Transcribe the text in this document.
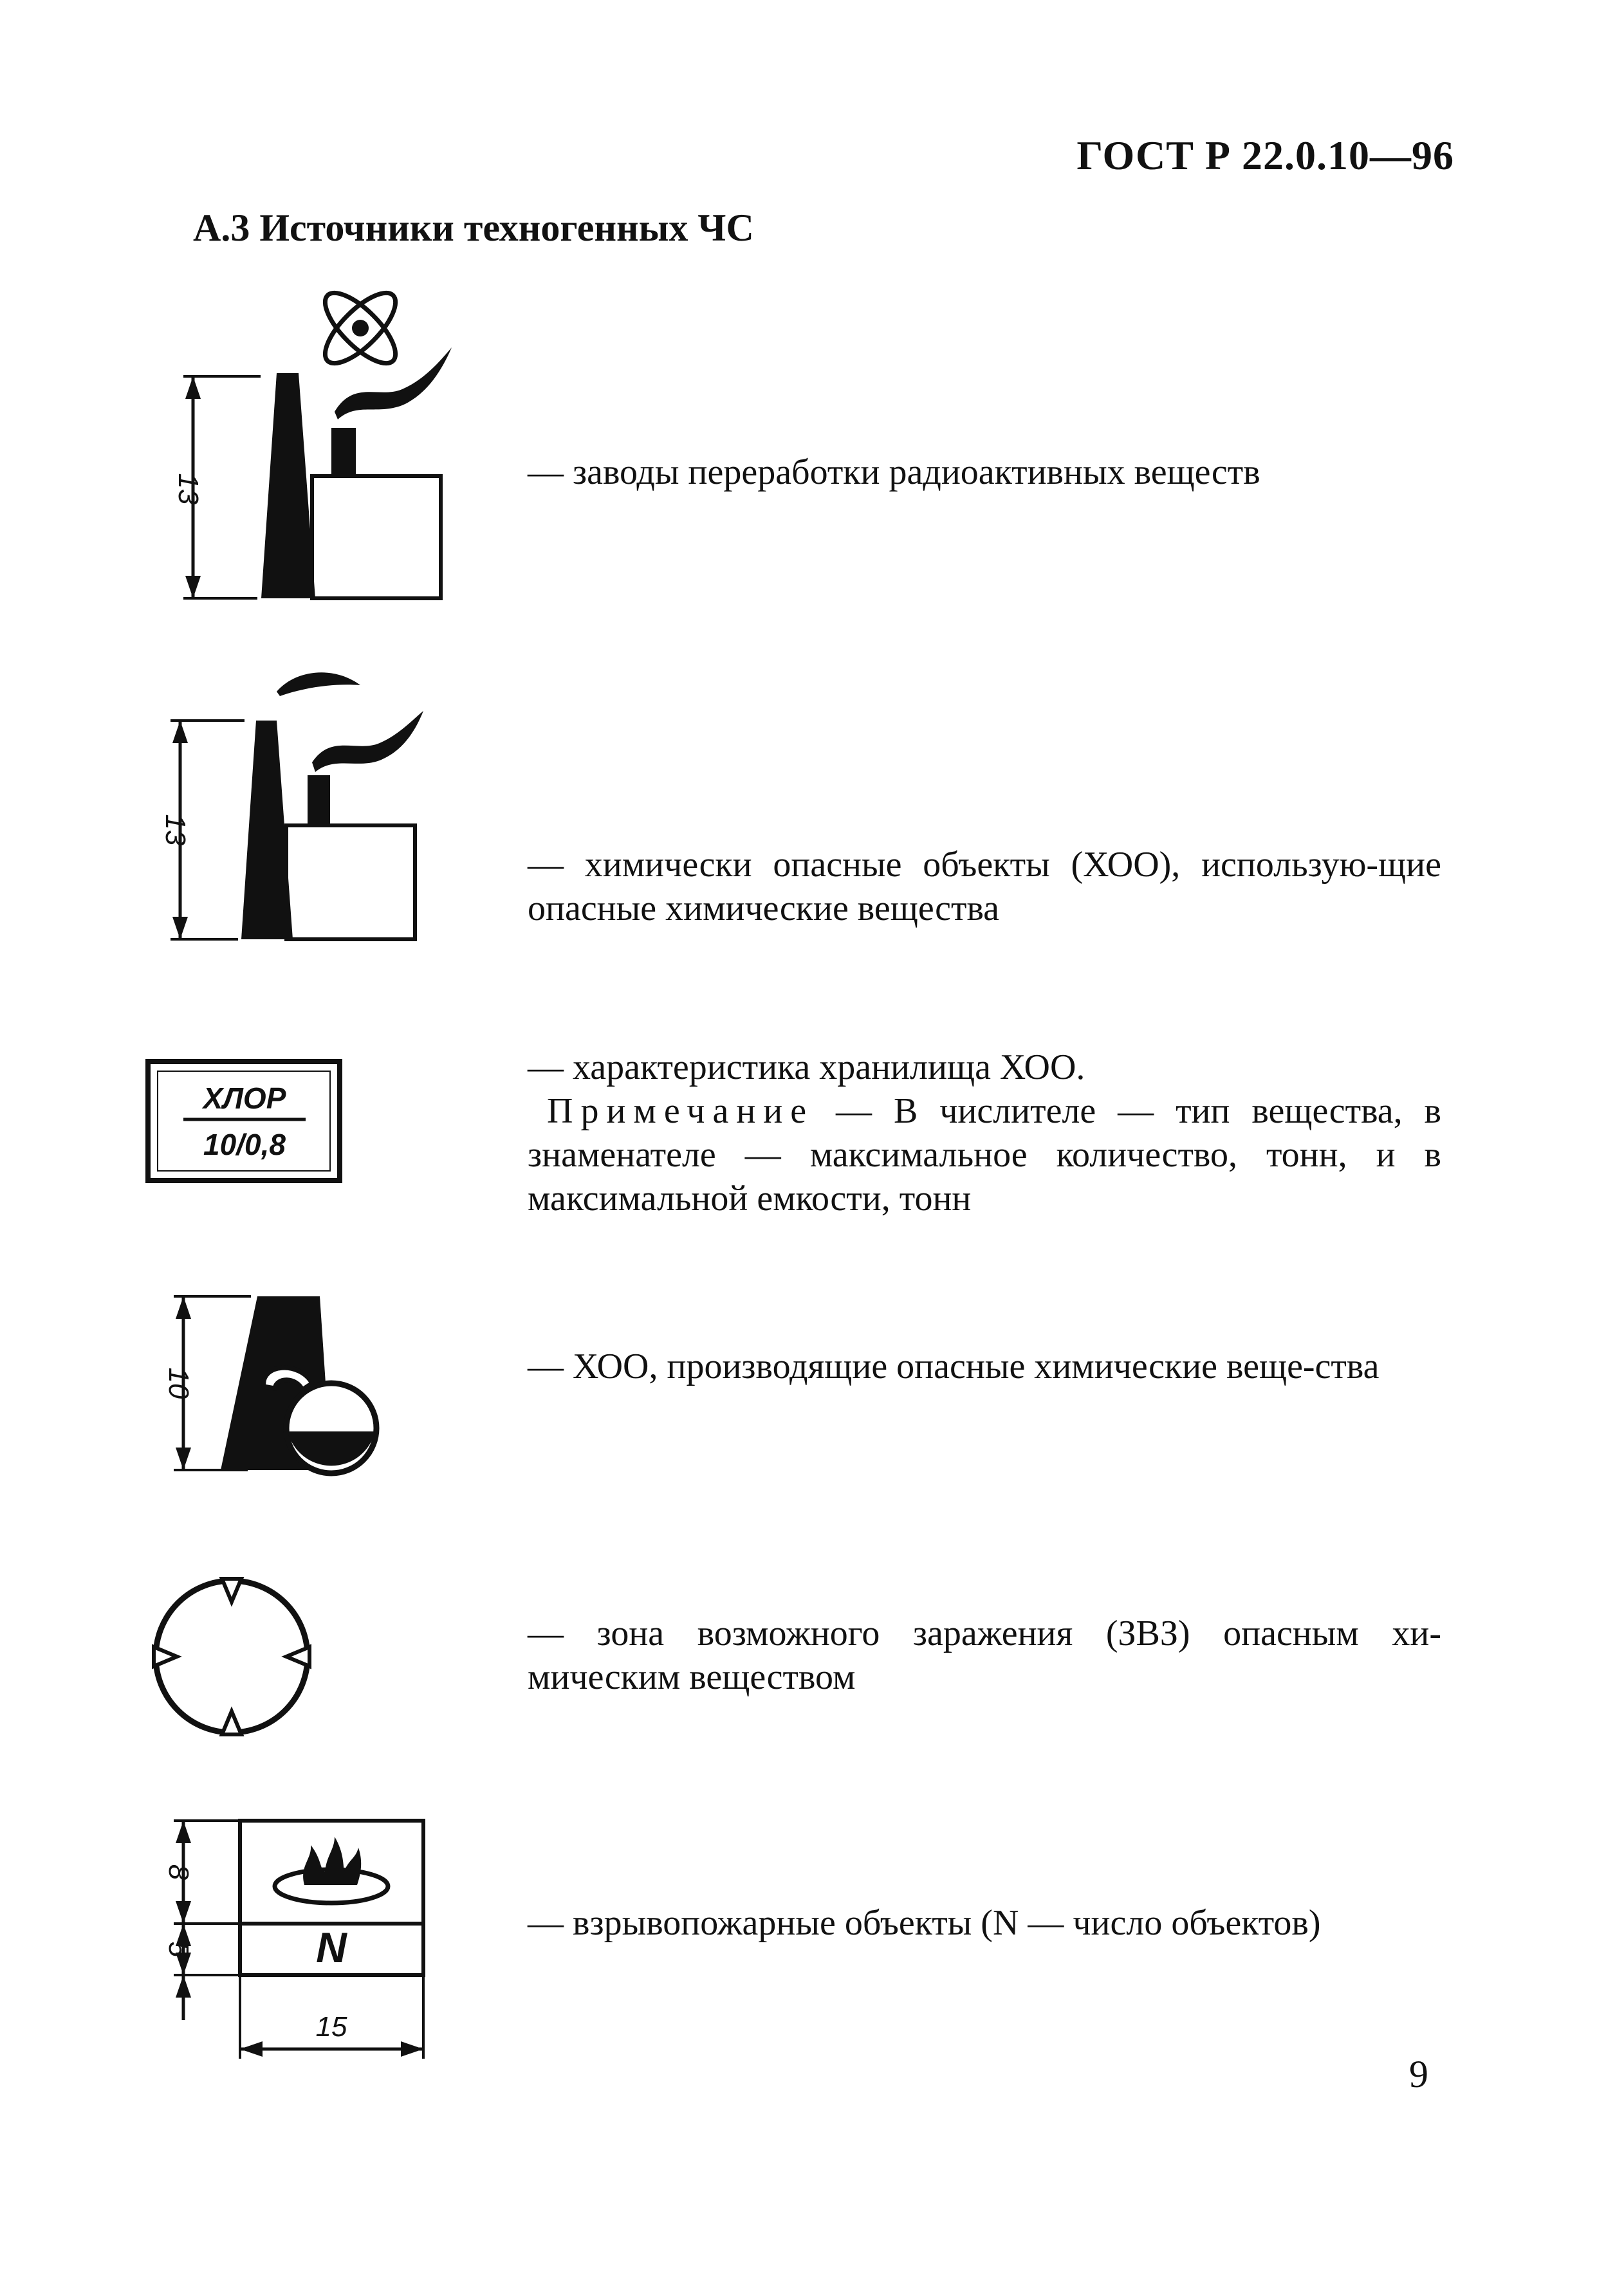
ГОСТ Р 22.0.10—96
А.3 Источники техногенных ЧС
13	— заводы переработки радиоактивных веществ

13

— химически опасные объекты (ХОО), использую-щие опасные химические вещества

ХЛОР
10/0,8

— характеристика хранилища ХОО.

Примечание — В числителе — тип вещества, в знаменателе — максимальное количество, тонн, и в максимальной емкости, тонн

10	— ХОО, производящие опасные химические веще-ства

— зона возможного заражения (ЗВЗ) опасным хи-мическим веществом

8
5	N
15

— взрывопожарные объекты (N — число объектов)

9
